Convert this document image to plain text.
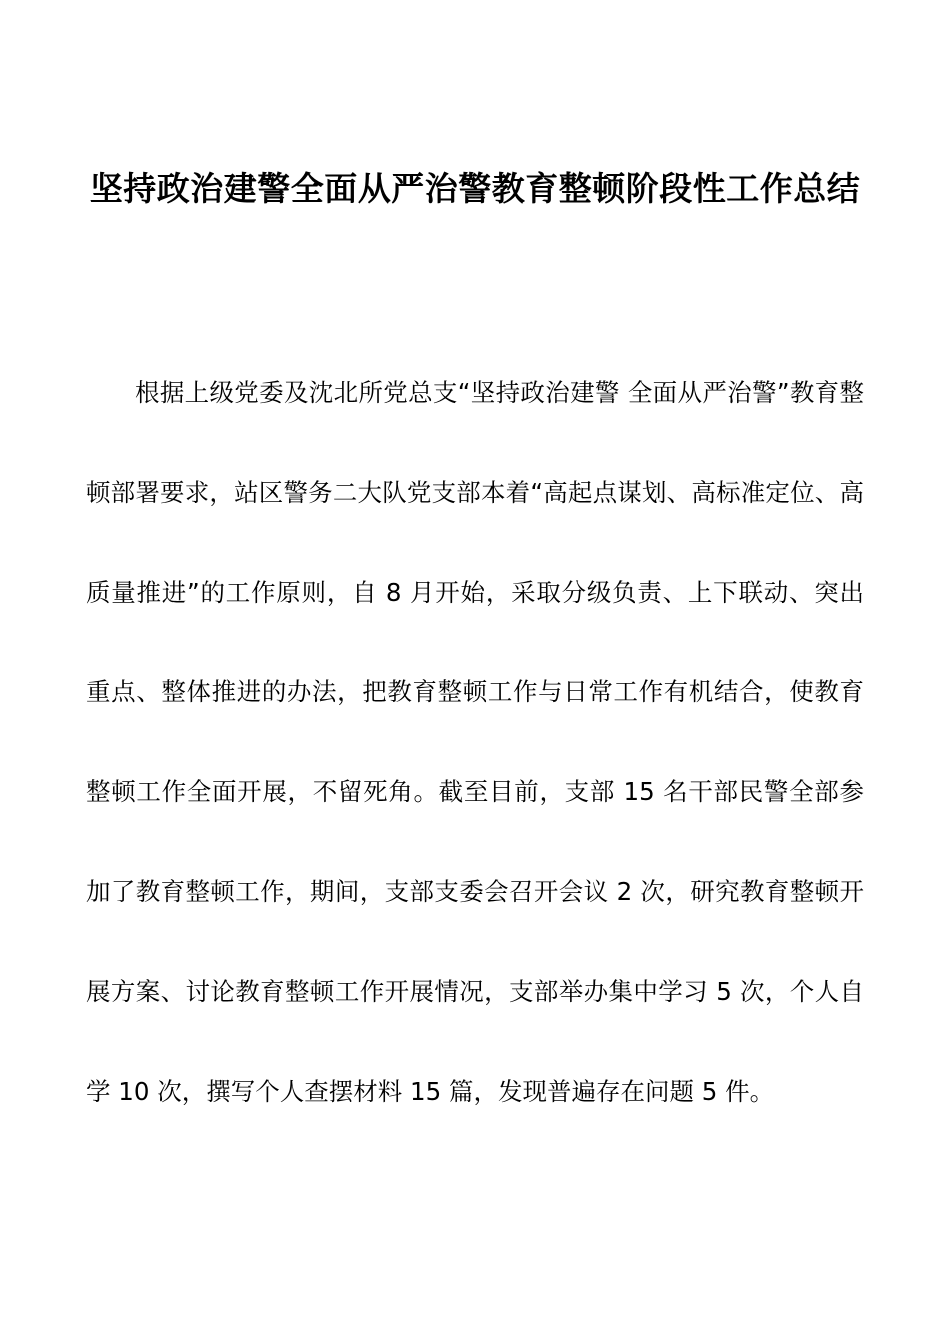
坚持政治建警全面从严治警教育整顿阶段性工作总结

根据上级党委及沈北所党总支“坚持政治建警 全面从严治警”教育整顿部署要求，站区警务二大队党支部本着“高起点谋划、高标准定位、高质量推进”的工作原则，自 8 月开始，采取分级负责、上下联动、突出重点、整体推进的办法，把教育整顿工作与日常工作有机结合，使教育整顿工作全面开展，不留死角。截至目前，支部 15 名干部民警全部参加了教育整顿工作，期间，支部支委会召开会议 2 次，研究教育整顿开展方案、讨论教育整顿工作开展情况，支部举办集中学习 5 次，个人自学 10 次，撰写个人查摆材料 15 篇，发现普遍存在问题 5 件。
